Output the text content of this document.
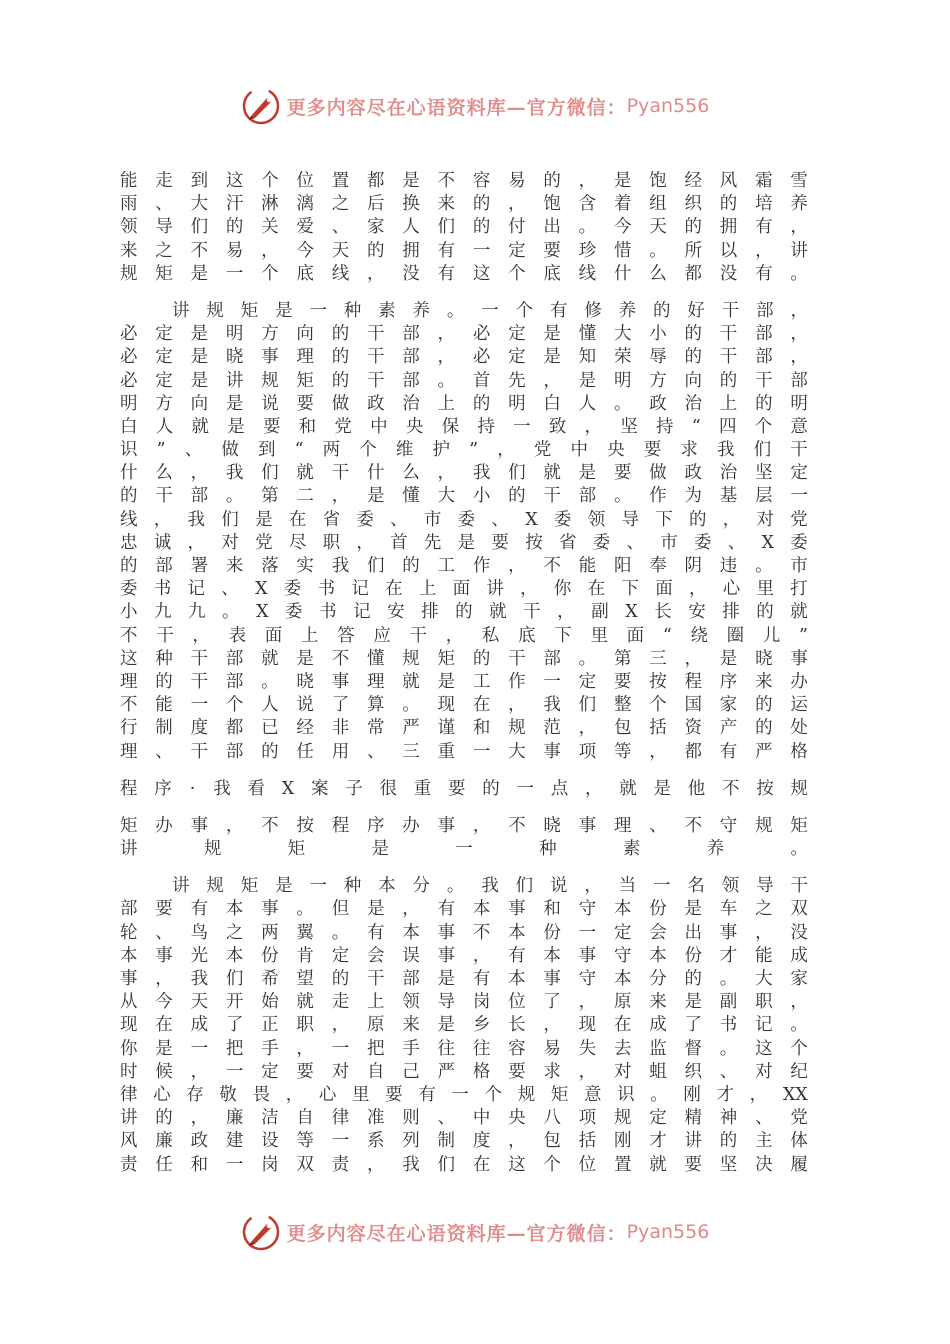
更多内容尽在心语资料库—官方微信： Pyan556
能 走 到 这 个 位 置 都 是 不 容 易 的 ， 是 饱 经 风 霜 雪
雨 、 大 汗 淋 漓 之 后 换 来 的 ， 饱 含 着 组 织 的 培 养
领 导 们 的 关 爱 、 家 人 们 的 付 出 。 今 天 的 拥 有 ，
来 之 不 易 ， 今 天 的 拥 有 一 定 要 珍 惜 。 所 以 ， 讲
规 矩 是 一 个 底 线 ， 没 有 这 个 底 线 什 么 都 没 有 。
讲 规 矩 是 一 种 素 养 。 一 个 有 修 养 的 好 干 部 ，
必 定 是 明 方 向 的 干 部 ， 必 定 是 懂 大 小 的 干 部 ，
必 定 是 晓 事 理 的 干 部 ， 必 定 是 知 荣 辱 的 干 部 ，
必 定 是 讲 规 矩 的 干 部 。 首 先 ， 是 明 方 向 的 干 部
明 方 向 是 说 要 做 政 治 上 的 明 白 人 。 政 治 上 的 明
白 人 就 是 要 和 党 中 央 保 持 一 致 ， 坚 持 “ 四 个 意
识 ” 、 做 到 “ 两 个 维 护 ” ， 党 中 央 要 求 我 们 干
什 么 ， 我 们 就 干 什 么 ， 我 们 就 是 要 做 政 治 坚 定
的 干 部 。 第 二 ， 是 懂 大 小 的 干 部 。 作 为 基 层 一
线 ， 我 们 是 在 省 委 、 市 委 、 X 委 领 导 下 的 ， 对 党
忠 诚 ， 对 党 尽 职 ， 首 先 是 要 按 省 委 、 市 委 、 X 委
的 部 署 来 落 实 我 们 的 工 作 ， 不 能 阳 奉 阴 违 。 市
委 书 记 、 X 委 书 记 在 上 面 讲 ， 你 在 下 面 ， 心 里 打
小 九 九 。 X 委 书 记 安 排 的 就 干 ， 副 X 长 安 排 的 就
不 干 ， 表 面 上 答 应 干 ， 私 底 下 里 面 “ 绕 圈 儿 ”
这 种 干 部 就 是 不 懂 规 矩 的 干 部 。 第 三 ， 是 晓 事
理 的 干 部 。 晓 事 理 就 是 工 作 一 定 要 按 程 序 来 办
不 能 一 个 人 说 了 算 。 现 在 ， 我 们 整 个 国 家 的 运
行 制 度 都 已 经 非 常 严 谨 和 规 范 ， 包 括 资 产 的 处
理 、 干 部 的 任 用 、 三 重 一 大 事 项 等 ， 都 有 严 格
程 序 · 我 看 X 案 子 很 重 要 的 一 点 ， 就 是 他 不 按 规
矩 办 事 ， 不 按 程 序 办 事 ， 不 晓 事 理 、 不 守 规 矩
讲	规	矩	是	一	种	素	养	。
讲 规 矩 是 一 种 本 分 。 我 们 说 ， 当 一 名 领 导 干
部 要 有 本 事 。 但 是 ， 有 本 事 和 守 本 份 是 车 之 双
轮 、 鸟 之 两 翼 。 有 本 事 不 本 份 一 定 会 出 事 ， 没
本 事 光 本 份 肯 定 会 误 事 ， 有 本 事 守 本 份 才 能 成
事 ， 我 们 希 望 的 干 部 是 有 本 事 守 本 分 的 。 大 家
从 今 天 开 始 就 走 上 领 导 岗 位 了 ， 原 来 是 副 职 ，
现 在 成 了 正 职 ， 原 来 是 乡 长 ， 现 在 成 了 书 记 。
你 是 一 把 手 ， 一 把 手 往 往 容 易 失 去 监 督 。 这 个
时 候 ， 一 定 要 对 自 己 严 格 要 求 ， 对 蛆 织 、 对 纪
律 心 存 敬 畏 ， 心 里 要 有 一 个 规 矩 意 识 。 刚 才 ， XX
讲 的 ， 廉 洁 自 律 准 则 、 中 央 八 项 规 定 精 神 、 党
风 廉 政 建 设 等 一 系 列 制 度 ， 包 括 刚 才 讲 的 主 体
责 任 和 一 岗 双 责 ， 我 们 在 这 个 位 置 就 要 坚 决 履
更多内容尽在心语资料库—官方微信： Pyan556
